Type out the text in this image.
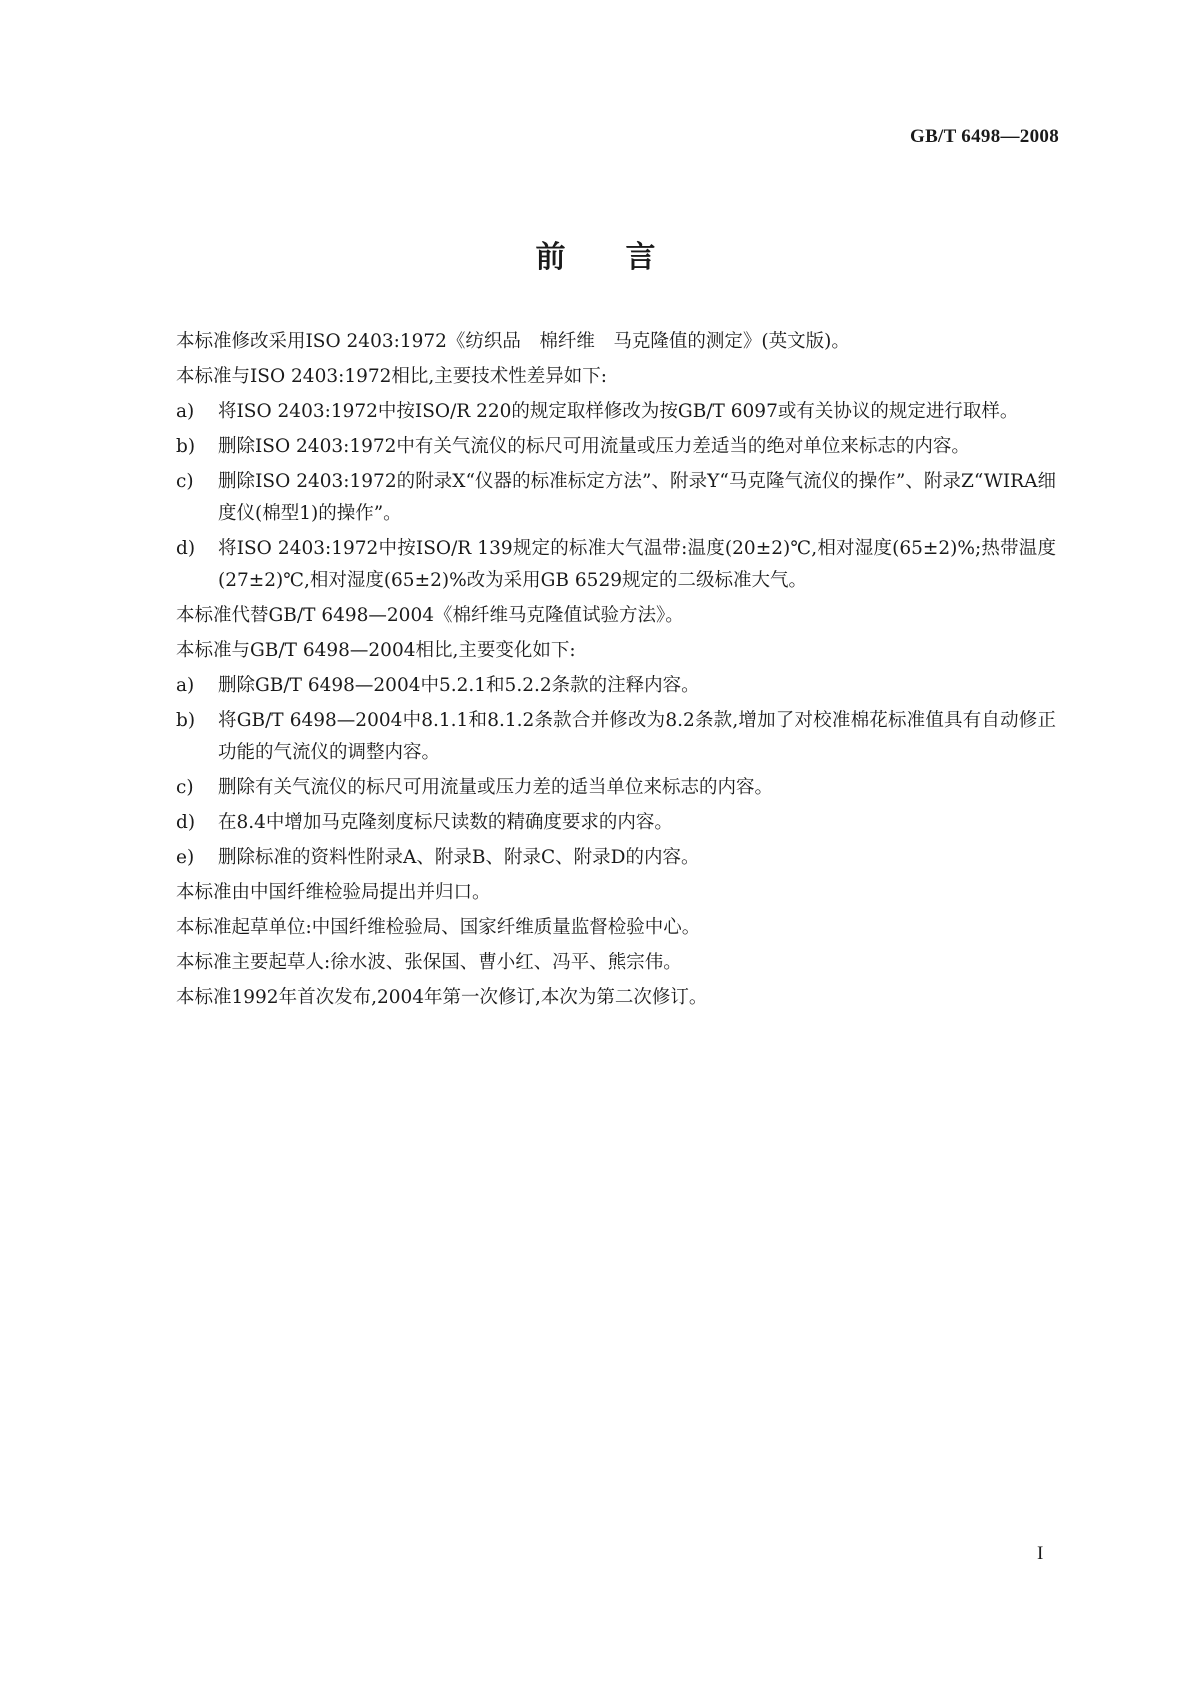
GB/T 6498—2008
前言
本标准修改采用ISO 2403:1972《纺织品　棉纤维　马克隆值的测定》(英文版)。
本标准与ISO 2403:1972相比,主要技术性差异如下:
a)	将ISO 2403:1972中按ISO/R 220的规定取样修改为按GB/T 6097或有关协议的规定进行取样。
b)	删除ISO 2403:1972中有关气流仪的标尺可用流量或压力差适当的绝对单位来标志的内容。
c)	删除ISO 2403:1972的附录X“仪器的标准标定方法”、附录Y“马克隆气流仪的操作”、附录Z“WIRA细度仪(棉型1)的操作”。
d)	将ISO 2403:1972中按ISO/R 139规定的标准大气温带:温度(20±2)℃,相对湿度(65±2)%;热带温度(27±2)℃,相对湿度(65±2)%改为采用GB 6529规定的二级标准大气。
本标准代替GB/T 6498—2004《棉纤维马克隆值试验方法》。
本标准与GB/T 6498—2004相比,主要变化如下:
a)	删除GB/T 6498—2004中5.2.1和5.2.2条款的注释内容。
b)	将GB/T 6498—2004中8.1.1和8.1.2条款合并修改为8.2条款,增加了对校准棉花标准值具有自动修正功能的气流仪的调整内容。
c)	删除有关气流仪的标尺可用流量或压力差的适当单位来标志的内容。
d)	在8.4中增加马克隆刻度标尺读数的精确度要求的内容。
e)	删除标准的资料性附录A、附录B、附录C、附录D的内容。
本标准由中国纤维检验局提出并归口。
本标准起草单位:中国纤维检验局、国家纤维质量监督检验中心。
本标准主要起草人:徐水波、张保国、曹小红、冯平、熊宗伟。
本标准1992年首次发布,2004年第一次修订,本次为第二次修订。
I
